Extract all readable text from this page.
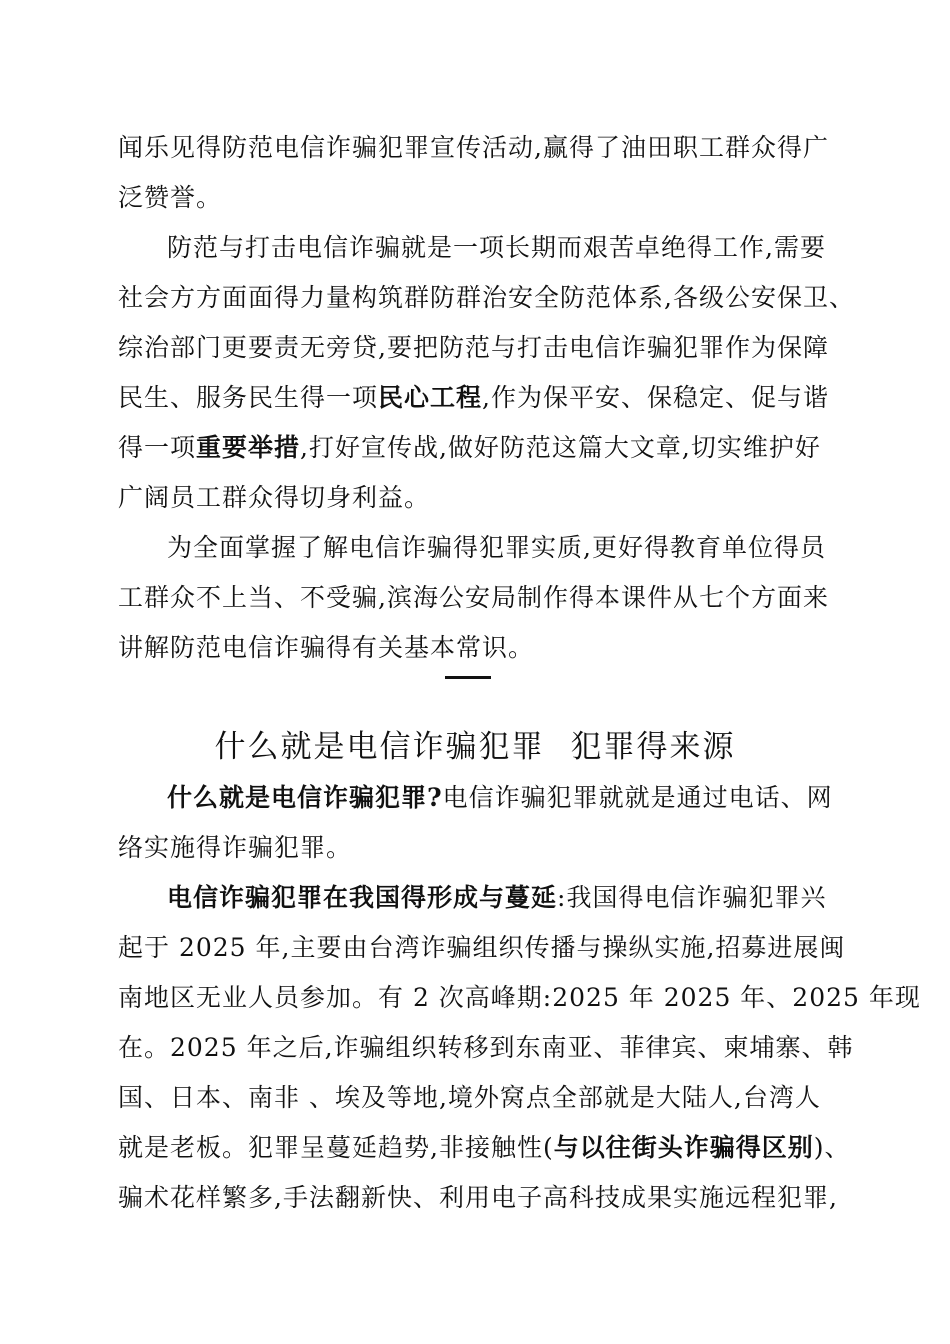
闻乐见得防范电信诈骗犯罪宣传活动,赢得了油田职工群众得广
泛赞誉。
防范与打击电信诈骗就是一项长期而艰苦卓绝得工作,需要
社会方方面面得力量构筑群防群治安全防范体系,各级公安保卫、
综治部门更要责无旁贷,要把防范与打击电信诈骗犯罪作为保障
民生、服务民生得一项民心工程,作为保平安、保稳定、促与谐
得一项重要举措,打好宣传战,做好防范这篇大文章,切实维护好
广阔员工群众得切身利益。
为全面掌握了解电信诈骗得犯罪实质,更好得教育单位得员
工群众不上当、不受骗,滨海公安局制作得本课件从七个方面来
讲解防范电信诈骗得有关基本常识。
什么就是电信诈骗犯罪 犯罪得来源
什么就是电信诈骗犯罪?电信诈骗犯罪就就是通过电话、网
络实施得诈骗犯罪。
电信诈骗犯罪在我国得形成与蔓延:我国得电信诈骗犯罪兴
起于 2025 年,主要由台湾诈骗组织传播与操纵实施,招募进展闽
南地区无业人员参加。有 2 次高峰期:2025 年 2025 年、2025 年现
在。2025 年之后,诈骗组织转移到东南亚、菲律宾、柬埔寨、韩
国、日本、南非 、埃及等地,境外窝点全部就是大陆人,台湾人
就是老板。犯罪呈蔓延趋势,非接触性(与以往街头诈骗得区别)、
骗术花样繁多,手法翻新快、利用电子高科技成果实施远程犯罪,
